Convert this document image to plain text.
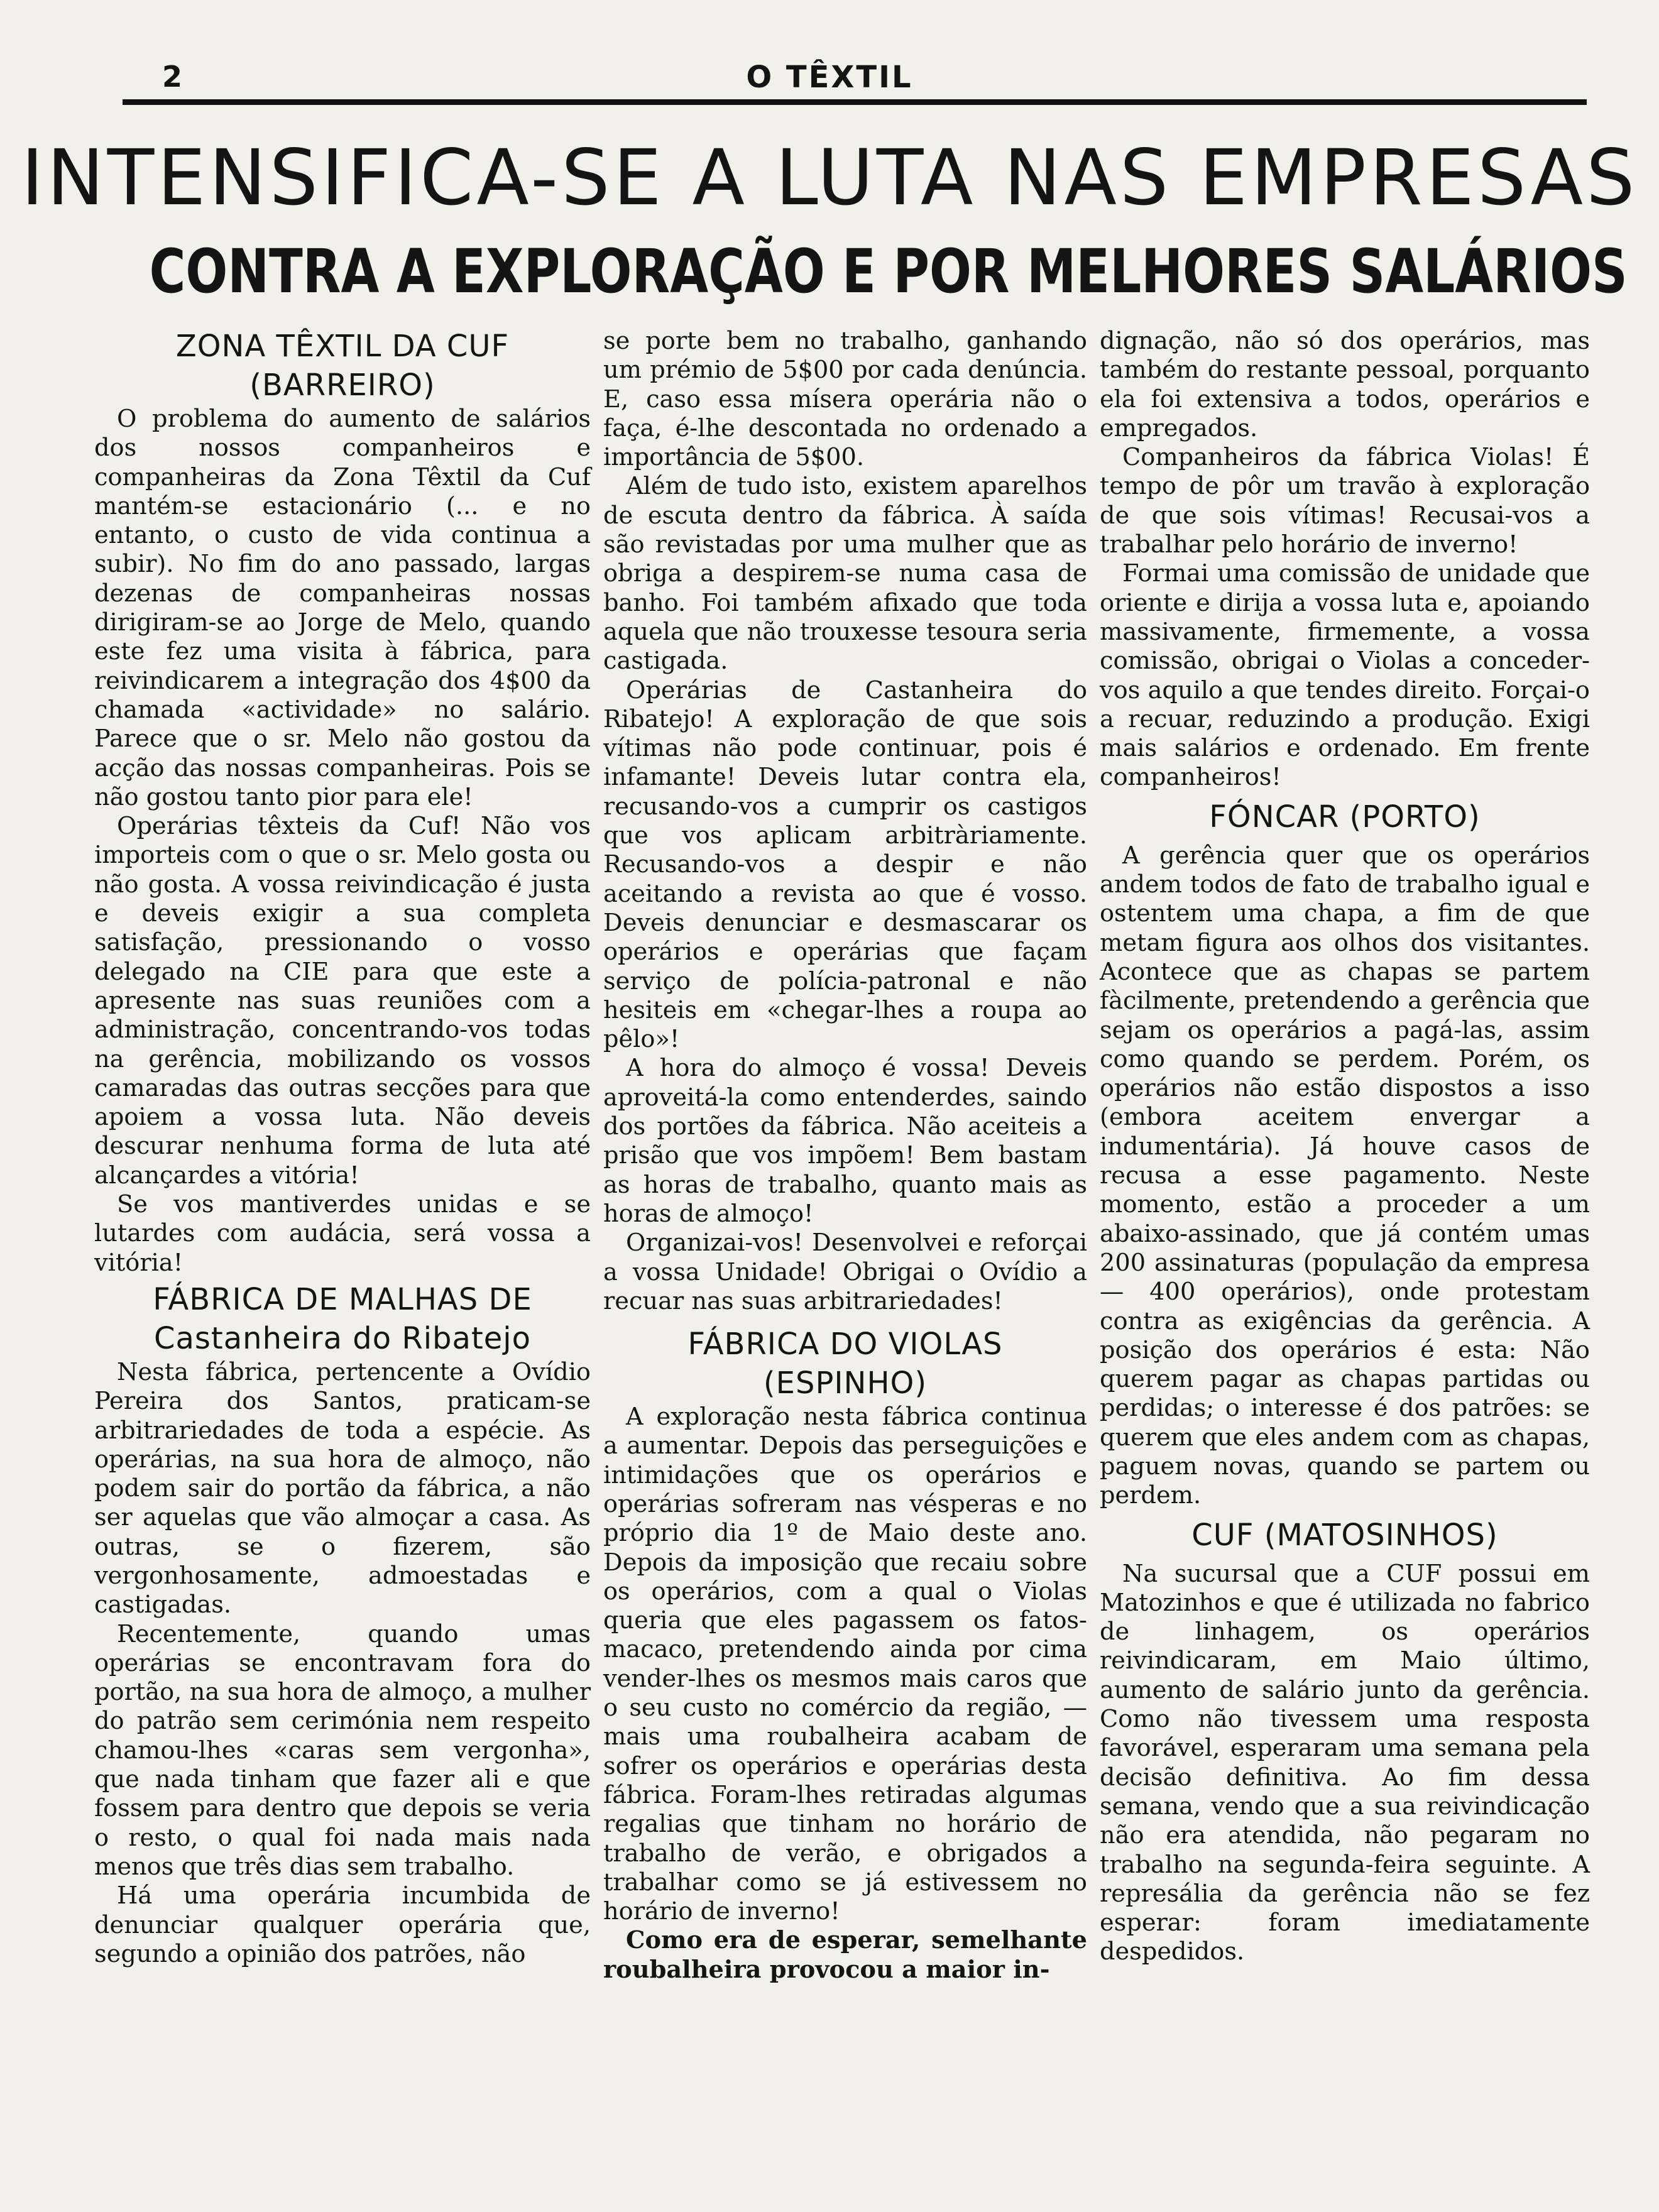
2	O TÊXTIL
INTENSIFICA-SE A LUTA NAS EMPRESAS
CONTRA A EXPLORAÇÃO E POR MELHORES SALÁRIOS
ZONA TÊXTIL DA CUF
(BARREIRO)

O problema do aumento de salários dos nossos companheiros e companheiras da Zona Têxtil da Cuf mantém-se estacionário (... e no entanto, o custo de vida continua a subir). No fim do ano passado, largas dezenas de companheiras nossas dirigiram-se ao Jorge de Melo, quando este fez uma visita à fábrica, para reivindicarem a integração dos 4$00 da chamada «actividade» no salário. Parece que o sr. Melo não gostou da acção das nossas companheiras. Pois se não gostou tanto pior para ele!

Operárias têxteis da Cuf! Não vos importeis com o que o sr. Melo gosta ou não gosta. A vossa reivindicação é justa e deveis exigir a sua completa satisfação, pressionando o vosso delegado na CIE para que este a apresente nas suas reuniões com a administração, concentrando-vos todas na gerência, mobilizando os vossos camaradas das outras secções para que apoiem a vossa luta. Não deveis descurar nenhuma forma de luta até alcançardes a vitória!

Se vos mantiverdes unidas e se lutardes com audácia, será vossa a vitória!

FÁBRICA DE MALHAS DE
Castanheira do Ribatejo

Nesta fábrica, pertencente a Ovídio Pereira dos Santos, praticam-se arbitrariedades de toda a espécie. As operárias, na sua hora de almoço, não podem sair do portão da fábrica, a não ser aquelas que vão almoçar a casa. As outras, se o fizerem, são vergonhosamente, admoestadas e castigadas.

Recentemente, quando umas operárias se encontravam fora do portão, na sua hora de almoço, a mulher do patrão sem cerimónia nem respeito chamou-lhes «caras sem vergonha», que nada tinham que fazer ali e que fossem para dentro que depois se veria o resto, o qual foi nada mais nada menos que três dias sem trabalho.

Há uma operária incumbida de denunciar qualquer operária que, segundo a opinião dos patrões, não

se porte bem no trabalho, ganhando um prémio de 5$00 por cada denúncia. E, caso essa mísera operária não o faça, é-lhe descontada no ordenado a importância de 5$00.

Além de tudo isto, existem aparelhos de escuta dentro da fábrica. À saída são revistadas por uma mulher que as obriga a despirem-se numa casa de banho. Foi também afixado que toda aquela que não trouxesse tesoura seria castigada.

Operárias de Castanheira do Ribatejo! A exploração de que sois vítimas não pode continuar, pois é infamante! Deveis lutar contra ela, recusando-vos a cumprir os castigos que vos aplicam arbitràriamente. Recusando-vos a despir e não aceitando a revista ao que é vosso. Deveis denunciar e desmascarar os operários e operárias que façam serviço de polícia-patronal e não hesiteis em «chegar-lhes a roupa ao pêlo»!

A hora do almoço é vossa! Deveis aproveitá-la como entenderdes, saindo dos portões da fábrica. Não aceiteis a prisão que vos impõem! Bem bastam as horas de trabalho, quanto mais as horas de almoço!

Organizai-vos! Desenvolvei e reforçai a vossa Unidade! Obrigai o Ovídio a recuar nas suas arbitrariedades!

FÁBRICA DO VIOLAS
(ESPINHO)

A exploração nesta fábrica continua a aumentar. Depois das perseguições e intimidações que os operários e operárias sofreram nas vésperas e no próprio dia 1º de Maio deste ano. Depois da imposição que recaiu sobre os operários, com a qual o Violas queria que eles pagassem os fatos-macaco, pretendendo ainda por cima vender-lhes os mesmos mais caros que o seu custo no comércio da região, — mais uma roubalheira acabam de sofrer os operários e operárias desta fábrica. Foram-lhes retiradas algumas regalias que tinham no horário de trabalho de verão, e obrigados a trabalhar como se já estivessem no horário de inverno!

Como era de esperar, semelhante roubalheira provocou a maior in-

dignação, não só dos operários, mas também do restante pessoal, porquanto ela foi extensiva a todos, operários e empregados.

Companheiros da fábrica Violas! É tempo de pôr um travão à exploração de que sois vítimas! Recusai-vos a trabalhar pelo horário de inverno!

Formai uma comissão de unidade que oriente e dirija a vossa luta e, apoiando massivamente, firmemente, a vossa comissão, obrigai o Violas a conceder-vos aquilo a que tendes direito. Forçai-o a recuar, reduzindo a produção. Exigi mais salários e ordenado. Em frente companheiros!

FÓNCAR (PORTO)

A gerência quer que os operários andem todos de fato de trabalho igual e ostentem uma chapa, a fim de que metam figura aos olhos dos visitantes. Acontece que as chapas se partem fàcilmente, pretendendo a gerência que sejam os operários a pagá-las, assim como quando se perdem. Porém, os operários não estão dispostos a isso (embora aceitem envergar a indumentária). Já houve casos de recusa a esse pagamento. Neste momento, estão a proceder a um abaixo-assinado, que já contém umas 200 assinaturas (população da empresa — 400 operários), onde protestam contra as exigências da gerência. A posição dos operários é esta: Não querem pagar as chapas partidas ou perdidas; o interesse é dos patrões: se querem que eles andem com as chapas, paguem novas, quando se partem ou perdem.

CUF (MATOSINHOS)

Na sucursal que a CUF possui em Matozinhos e que é utilizada no fabrico de linhagem, os operários reivindicaram, em Maio último, aumento de salário junto da gerência. Como não tivessem uma resposta favorável, esperaram uma semana pela decisão definitiva. Ao fim dessa semana, vendo que a sua reivindicação não era atendida, não pegaram no trabalho na segunda-feira seguinte. A represália da gerência não se fez esperar: foram imediatamente despedidos.
